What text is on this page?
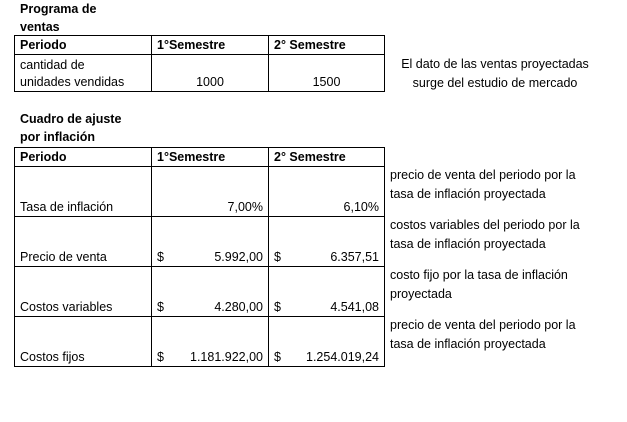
Programa de
ventas
Periodo	1°Semestre	2° Semestre

cantidad de
unidades vendidas	1000	1500
El dato de las ventas proyectadas
surge del estudio de mercado
Cuadro de ajuste
por inflación
Periodo	1°Semestre	2° Semestre
Tasa de inflación	7,00%	6,10%
Precio de venta	$ 5.992,00	$ 6.357,51

Costos variables	$ 4.280,00	$ 4.541,08

Costos fijos	$ 1.181.922,00	$ 1.254.019,24
precio de venta del periodo por la
tasa de inflación proyectada
costos variables del periodo por la
tasa de inflación proyectada
costo fijo por la tasa de inflación
proyectada
precio de venta del periodo por la
tasa de inflación proyectada
